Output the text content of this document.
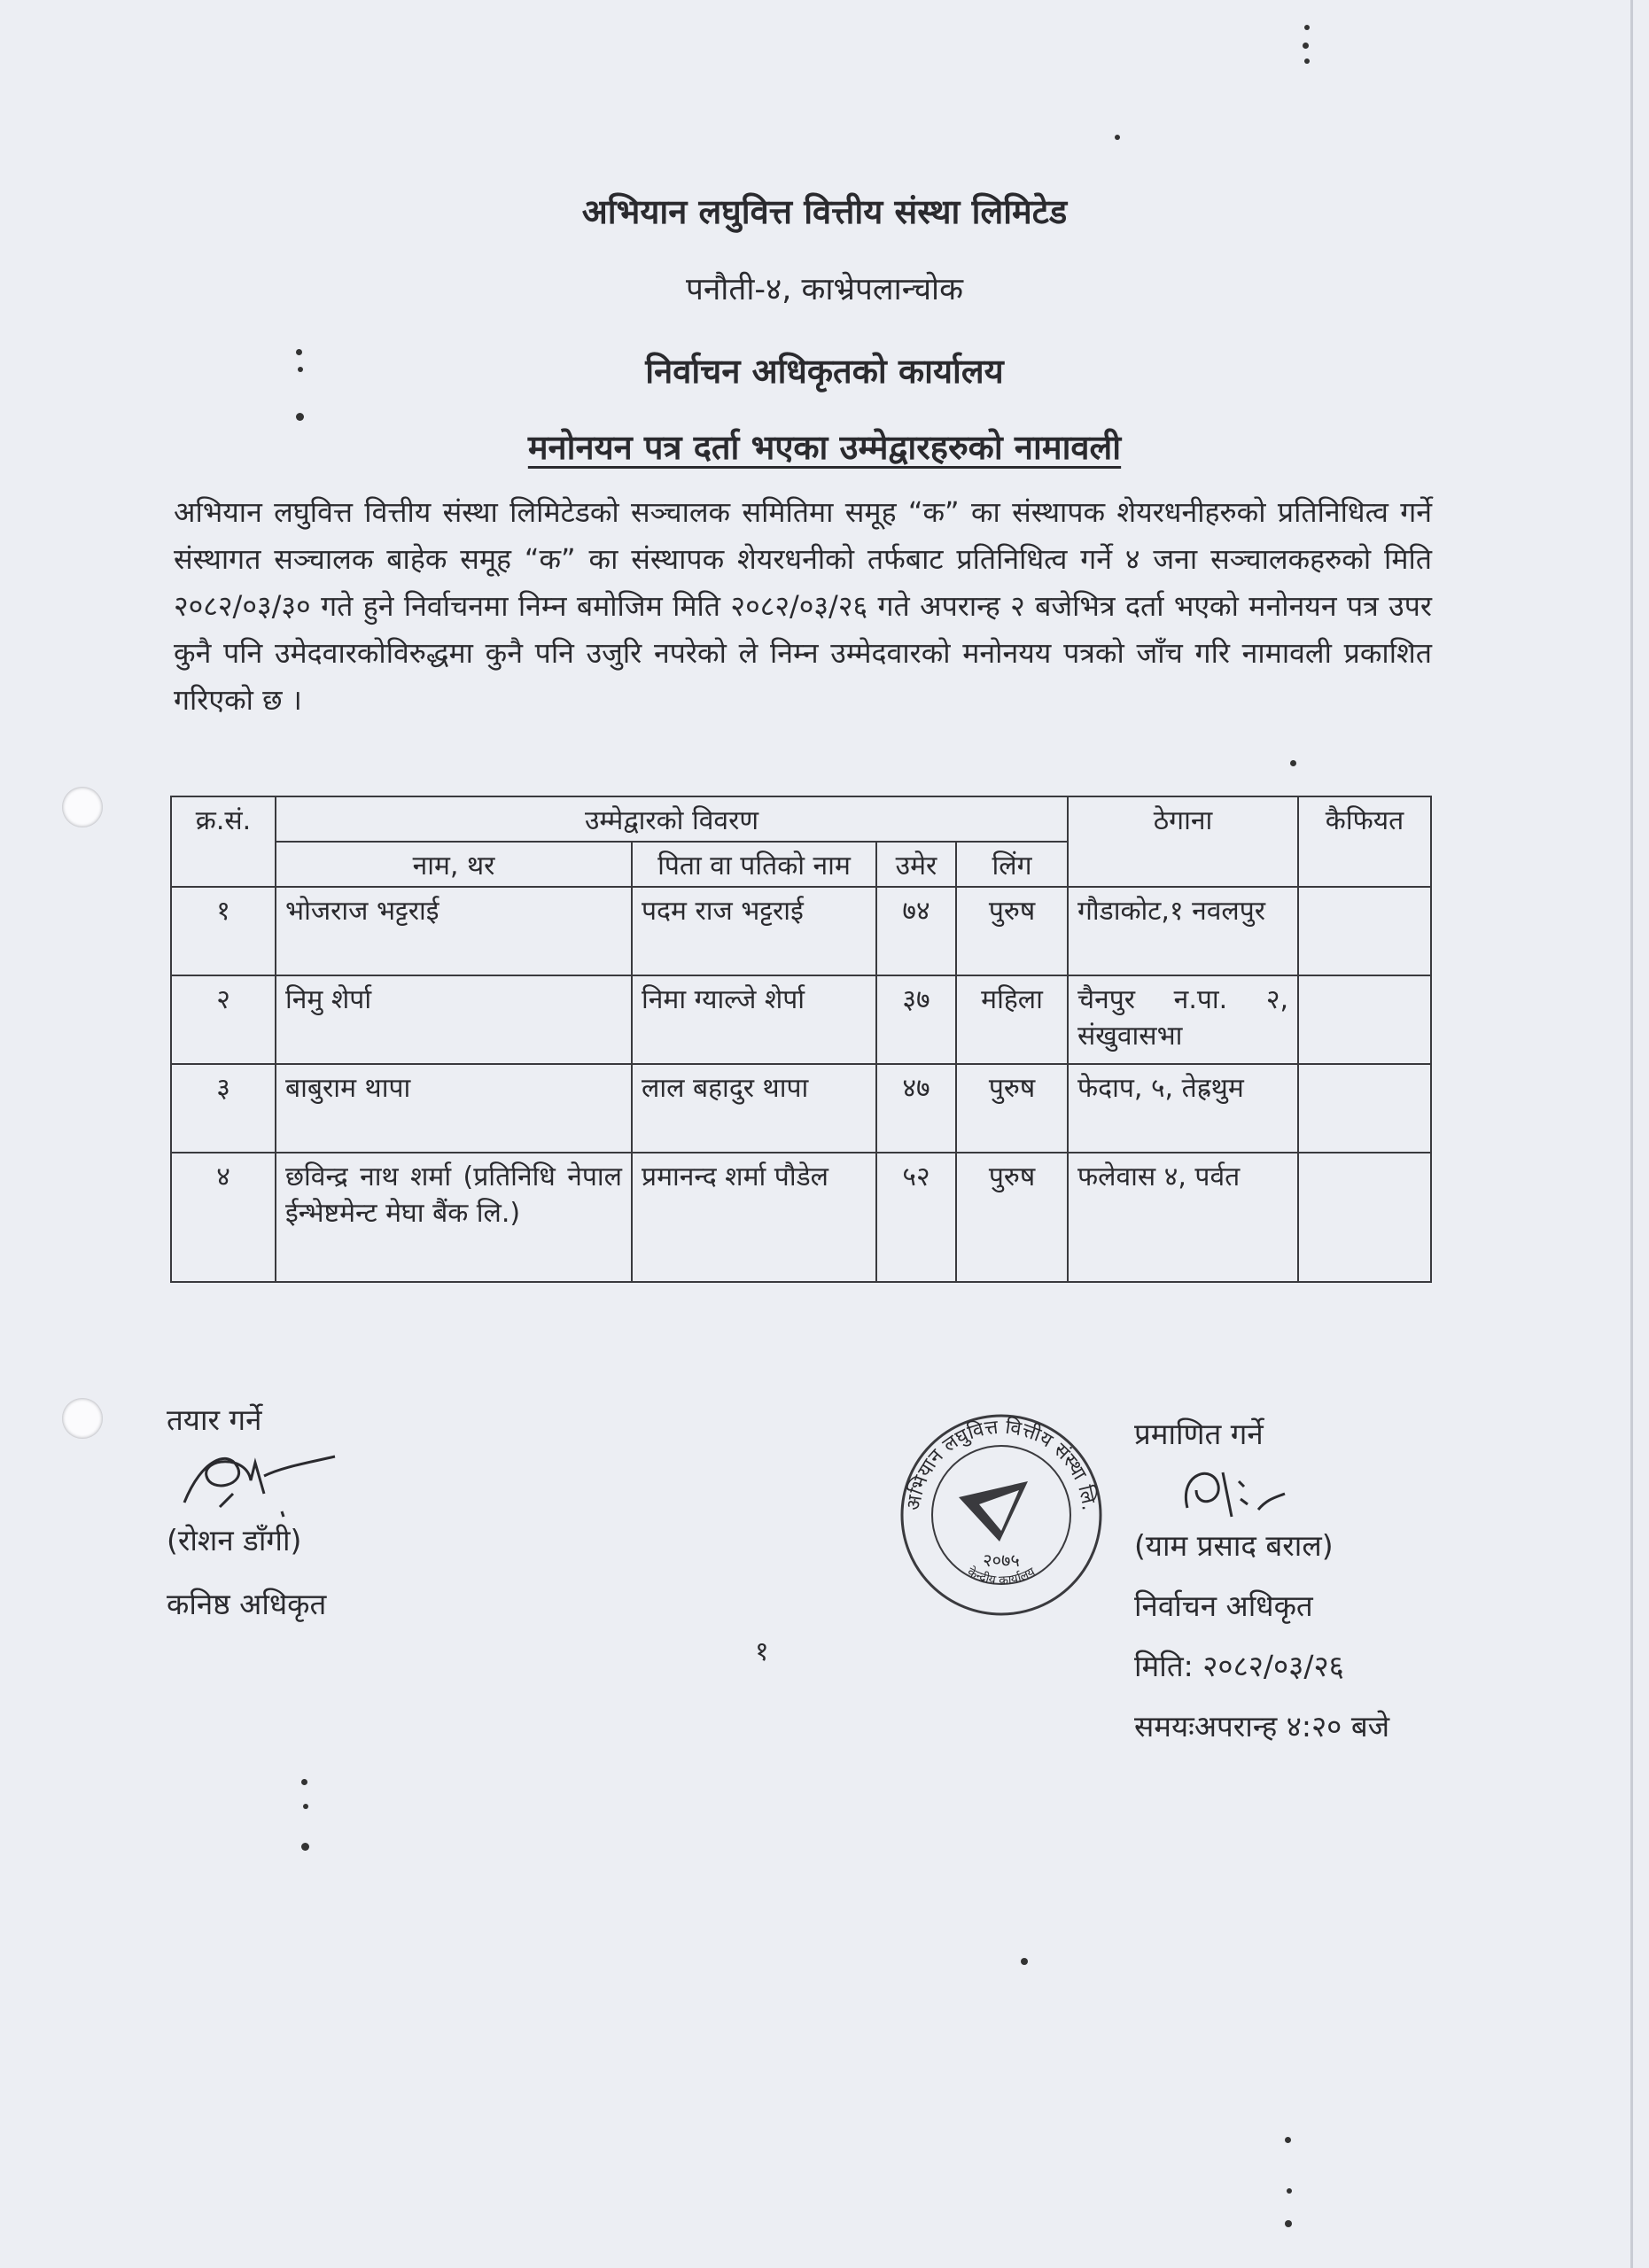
अभियान लघुवित्त वित्तीय संस्था लिमिटेड
पनौती-४, काभ्रेपलान्चोक
निर्वाचन अधिकृतको कार्यालय
मनोनयन पत्र दर्ता भएका उम्मेद्वारहरुको नामावली
अभियान लघुवित्त वित्तीय संस्था लिमिटेडको सञ्चालक समितिमा समूह “क” का संस्थापक शेयरधनीहरुको प्रतिनिधित्व गर्ने संस्थागत सञ्चालक बाहेक समूह “क” का संस्थापक शेयरधनीको तर्फबाट प्रतिनिधित्व गर्ने ४ जना सञ्चालकहरुको मिति २०८२/०३/३० गते हुने निर्वाचनमा निम्न बमोजिम मिति २०८२/०३/२६ गते अपरान्ह २ बजेभित्र दर्ता भएको मनोनयन पत्र उपर कुनै पनि उमेदवारकोविरुद्धमा कुनै पनि उजुरि नपरेको ले निम्न उम्मेदवारको मनोनयय पत्रको जाँच गरि नामावली प्रकाशित गरिएको छ ।
क्र.सं.	उम्मेद्वारको विवरण				ठेगाना	कैफियत
	नाम, थर	पिता वा पतिको नाम	उमेर	लिंग		
१	भोजराज भट्टराई	पदम राज भट्टराई	७४	पुरुष	गौडाकोट,१ नवलपुर	
२	निमु शेर्पा	निमा ग्याल्जे शेर्पा	३७	महिला	चैनपुर न.पा. २, संखुवासभा	
३	बाबुराम थापा	लाल बहादुर थापा	४७	पुरुष	फेदाप, ५, तेह्रथुम	
४	छविन्द्र नाथ शर्मा (प्रतिनिधि नेपाल ईन्भेष्टमेन्ट मेघा बैंक लि.)	प्रमानन्द शर्मा पौडेल	५२	पुरुष	फलेवास ४, पर्वत	
तयार गर्ने
(रोशन डाँगी)
कनिष्ठ अधिकृत
अभियान लघुवित्त वित्तीय संस्था लि.
केन्द्रीय कार्यालय
२०७५
१
प्रमाणित गर्ने
(याम प्रसाद बराल)
निर्वाचन अधिकृत
मिति: २०८२/०३/२६
समयःअपरान्ह ४:२० बजे
